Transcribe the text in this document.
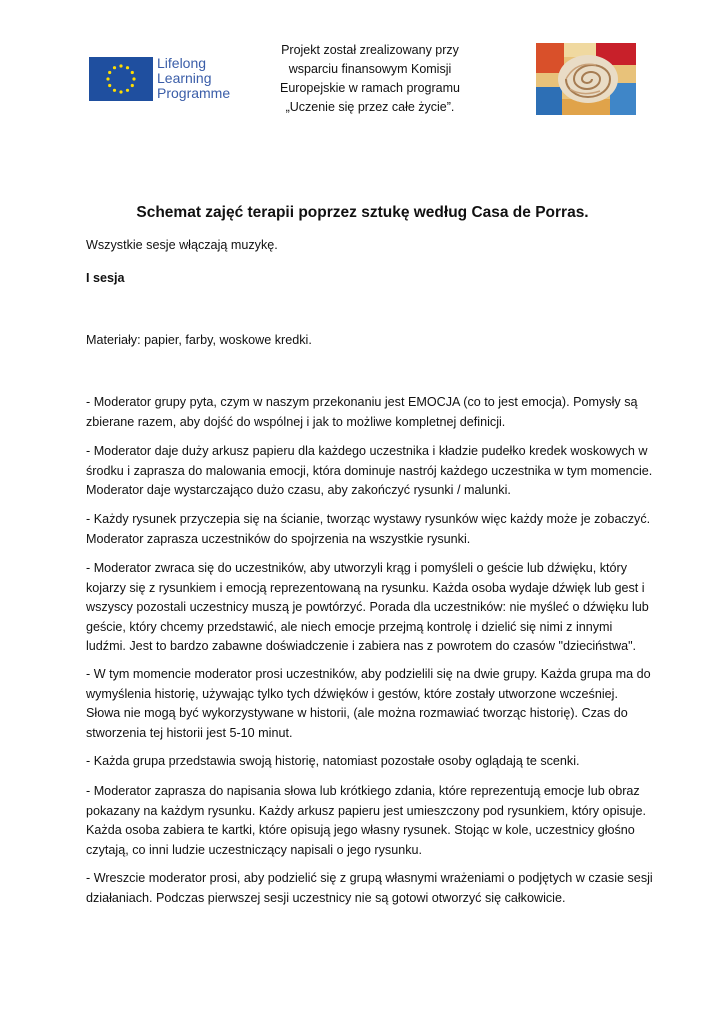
Lifelong
Learning
Programme
Projekt został zrealizowany przy
wsparciu finansowym Komisji
Europejskie w ramach programu
„Uczenie się przez całe życie”.
Schemat zajęć terapii poprzez sztukę według Casa de Porras.
Wszystkie sesje włączają muzykę.
I sesja
Materiały: papier, farby, woskowe kredki.
- Moderator grupy pyta, czym w naszym przekonaniu jest EMOCJA (co to jest emocja). Pomysły są
zbierane razem, aby dojść do wspólnej i jak to możliwe kompletnej definicji.
- Moderator daje duży arkusz papieru dla każdego uczestnika i kładzie pudełko kredek woskowych w
środku i zaprasza do malowania emocji, która dominuje nastrój każdego uczestnika w tym momencie.
Moderator daje wystarczająco dużo czasu, aby zakończyć rysunki / malunki.
- Każdy rysunek przyczepia się na ścianie, tworząc wystawy rysunków więc każdy może je zobaczyć.
Moderator zaprasza uczestników do spojrzenia na wszystkie rysunki.
- Moderator zwraca się do uczestników, aby utworzyli krąg i pomyśleli o geście lub dźwięku, który
kojarzy się z rysunkiem i emocją reprezentowaną na rysunku. Każda osoba wydaje dźwięk lub gest i
wszyscy pozostali uczestnicy muszą je powtórzyć. Porada dla uczestników: nie myśleć o dźwięku lub
geście, który chcemy przedstawić, ale niech emocje przejmą kontrolę i dzielić się nimi z innymi
ludźmi. Jest to bardzo zabawne doświadczenie i zabiera nas z powrotem do czasów "dzieciństwa".
- W tym momencie moderator prosi uczestników, aby podzielili się na dwie grupy. Każda grupa ma do
wymyślenia historię, używając tylko tych dźwięków i gestów, które zostały utworzone wcześniej.
Słowa nie mogą być wykorzystywane w historii, (ale można rozmawiać tworząc historię). Czas do
stworzenia tej historii jest 5-10 minut.
- Każda grupa przedstawia swoją historię, natomiast pozostałe osoby oglądają te scenki.
- Moderator zaprasza do napisania słowa lub krótkiego zdania, które reprezentują emocje lub obraz
pokazany na każdym rysunku. Każdy arkusz papieru jest umieszczony pod rysunkiem, który opisuje.
Każda osoba zabiera te kartki, które opisują jego własny rysunek. Stojąc w kole, uczestnicy głośno
czytają, co inni ludzie uczestniczący napisali o jego rysunku.
- Wreszcie moderator prosi, aby podzielić się z grupą własnymi wrażeniami o podjętych w czasie sesji
działaniach. Podczas pierwszej sesji uczestnicy nie są gotowi otworzyć się całkowicie.
